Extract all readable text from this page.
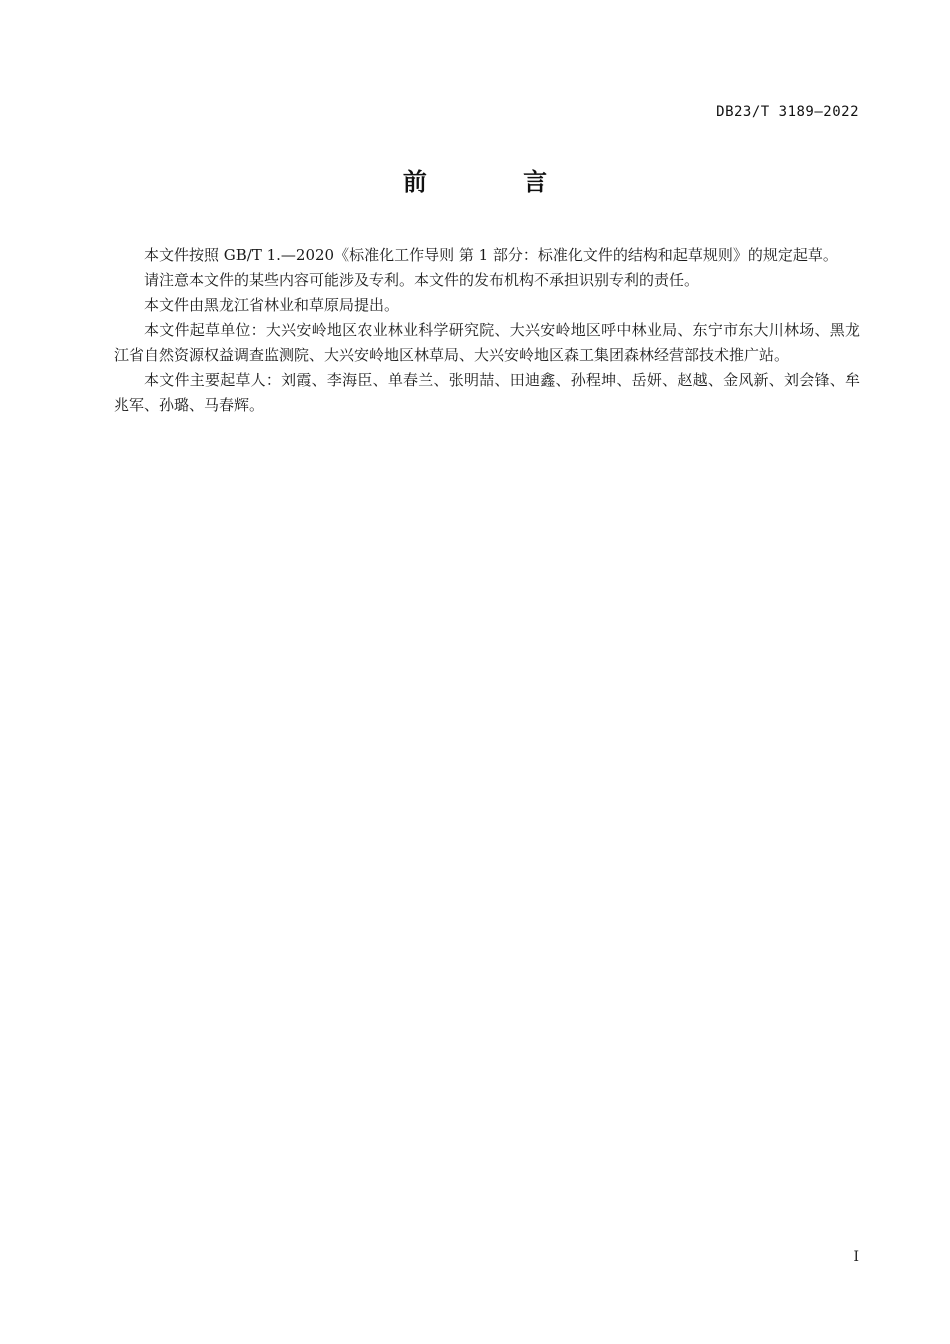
DB23/T 3189—2022
前 言

本文件按照 GB/T 1.—2020《标准化工作导则 第 1 部分：标准化文件的结构和起草规则》的规定起草。

请注意本文件的某些内容可能涉及专利。本文件的发布机构不承担识别专利的责任。

本文件由黑龙江省林业和草原局提出。

本文件起草单位：大兴安岭地区农业林业科学研究院、大兴安岭地区呼中林业局、东宁市东大川林场、黑龙江省自然资源权益调查监测院、大兴安岭地区林草局、大兴安岭地区森工集团森林经营部技术推广站。

本文件主要起草人：刘霞、李海臣、单春兰、张明喆、田迪鑫、孙程坤、岳妍、赵越、金风新、刘会锋、牟兆军、孙璐、马春辉。

I
